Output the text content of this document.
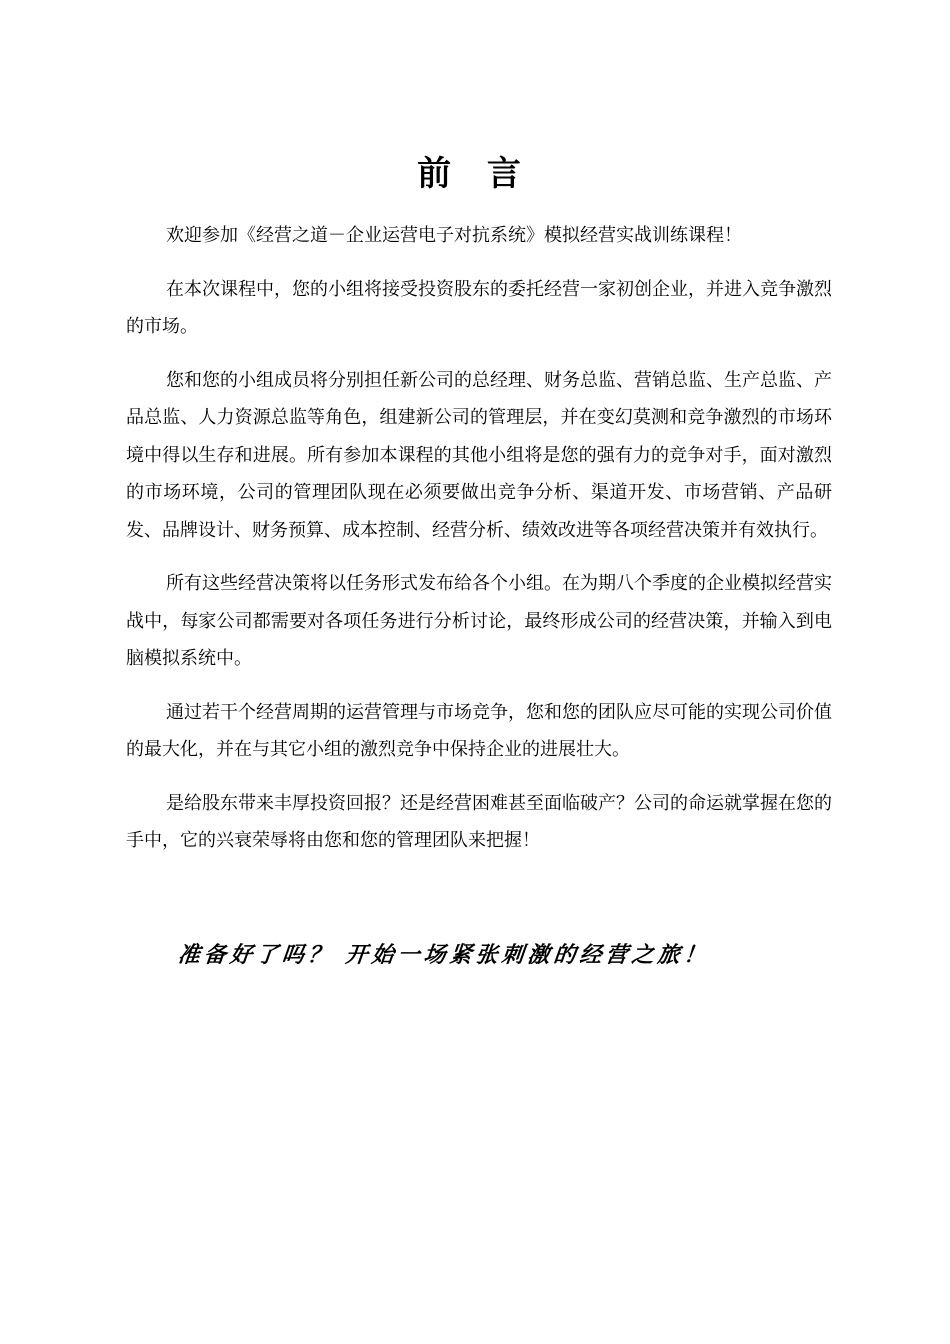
前 言

欢迎参加《经营之道－企业运营电子对抗系统》模拟经营实战训练课程！

在本次课程中，您的小组将接受投资股东的委托经营一家初创企业，并进入竞争激烈的市场。

您和您的小组成员将分别担任新公司的总经理、财务总监、营销总监、生产总监、产品总监、人力资源总监等角色，组建新公司的管理层，并在变幻莫测和竞争激烈的市场环境中得以生存和进展。所有参加本课程的其他小组将是您的强有力的竞争对手，面对激烈的市场环境，公司的管理团队现在必须要做出竞争分析、渠道开发、市场营销、产品研发、品牌设计、财务预算、成本控制、经营分析、绩效改进等各项经营决策并有效执行。

所有这些经营决策将以任务形式发布给各个小组。在为期八个季度的企业模拟经营实战中，每家公司都需要对各项任务进行分析讨论，最终形成公司的经营决策，并输入到电脑模拟系统中。

通过若干个经营周期的运营管理与市场竞争，您和您的团队应尽可能的实现公司价值的最大化，并在与其它小组的激烈竞争中保持企业的进展壮大。

是给股东带来丰厚投资回报？还是经营困难甚至面临破产？公司的命运就掌握在您的手中，它的兴衰荣辱将由您和您的管理团队来把握！

准备好了吗？ 开始一场紧张刺激的经营之旅！
